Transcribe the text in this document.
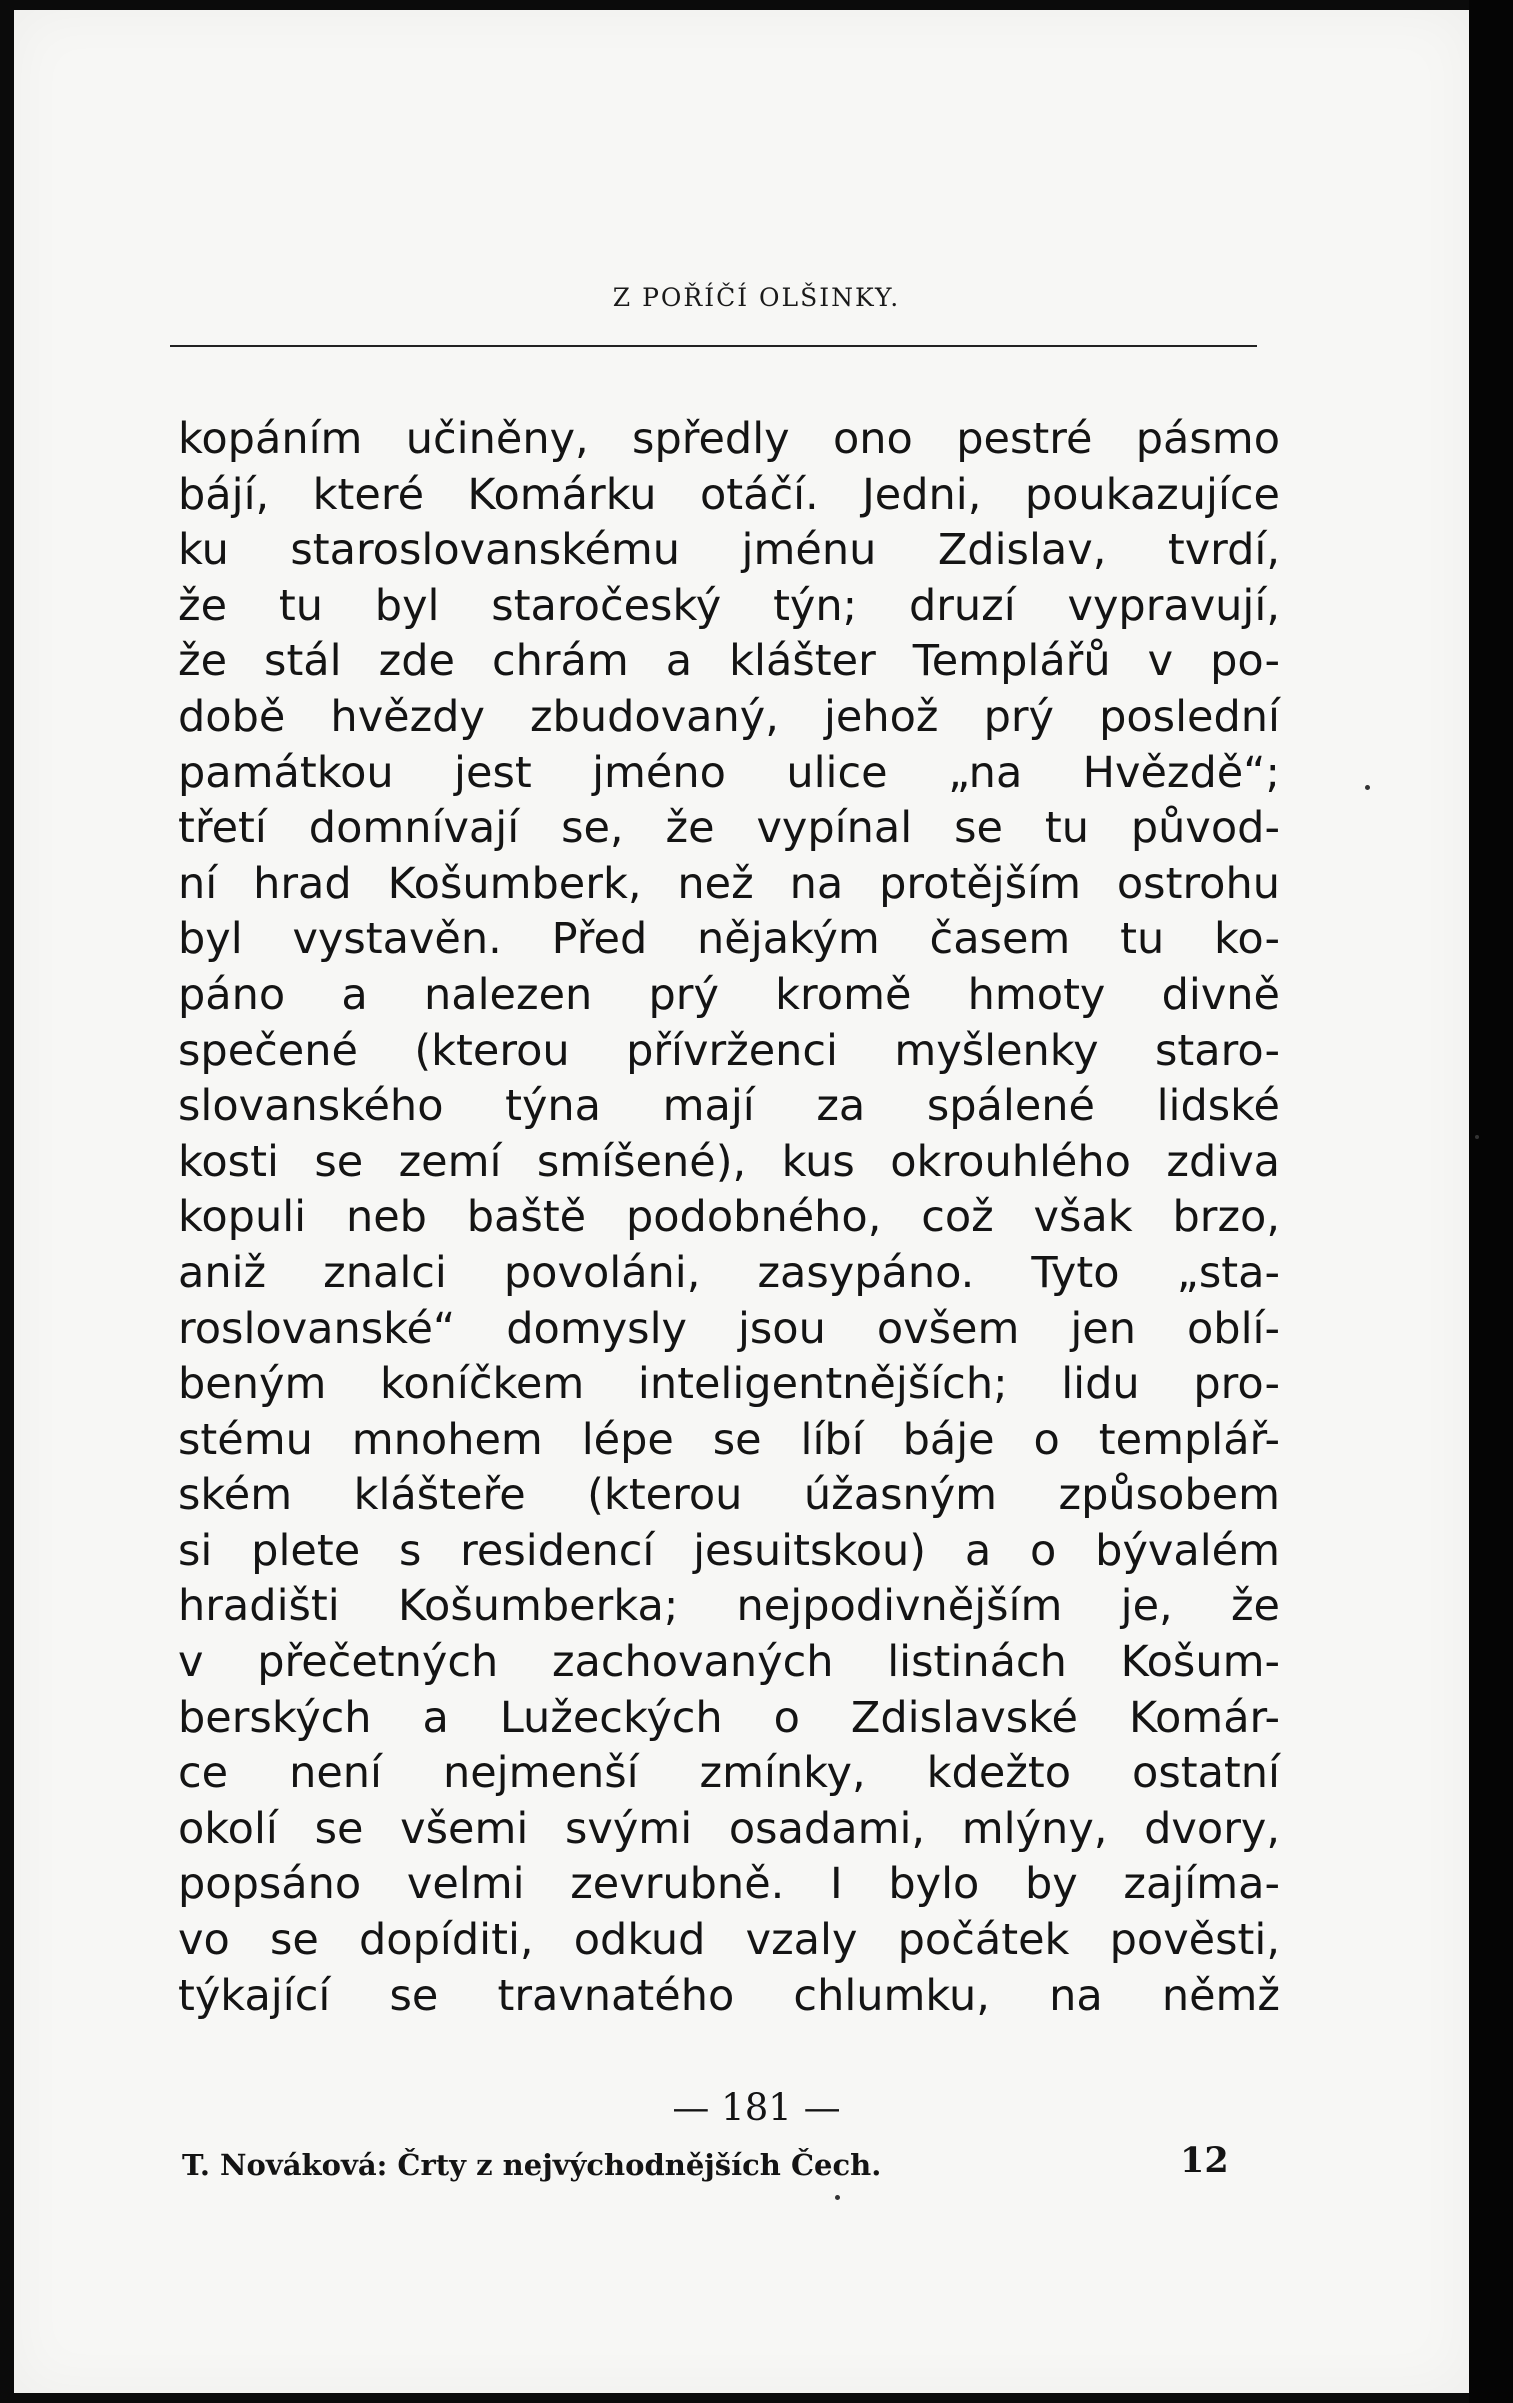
Z POŘÍČÍ OLŠINKY.
kopáním učiněny, spředly ono pestré pásmo
bájí, které Komárku otáčí. Jedni, poukazujíce
ku staroslovanskému jménu Zdislav, tvrdí,
že tu byl staročeský týn; druzí vypravují,
že stál zde chrám a klášter Templářů v po-
době hvězdy zbudovaný, jehož prý poslední
památkou jest jméno ulice „na Hvězdě“;
třetí domnívají se, že vypínal se tu původ-
ní hrad Košumberk, než na protějším ostrohu
byl vystavěn. Před nějakým časem tu ko-
páno a nalezen prý kromě hmoty divně
spečené (kterou přívrženci myšlenky staro-
slovanského týna mají za spálené lidské
kosti se zemí smíšené), kus okrouhlého zdiva
kopuli neb baště podobného, což však brzo,
aniž znalci povoláni, zasypáno. Tyto „sta-
roslovanské“ domysly jsou ovšem jen oblí-
beným koníčkem inteligentnějších; lidu pro-
stému mnohem lépe se líbí báje o templář-
ském klášteře (kterou úžasným způsobem
si plete s residencí jesuitskou) a o bývalém
hradišti Košumberka; nejpodivnějším je, že
v přečetných zachovaných listinách Košum-
berských a Lužeckých o Zdislavské Komár-
ce není nejmenší zmínky, kdežto ostatní
okolí se všemi svými osadami, mlýny, dvory,
popsáno velmi zevrubně. I bylo by zajíma-
vo se dopíditi, odkud vzaly počátek pověsti,
týkající se travnatého chlumku, na němž
— 181 —
T. Nováková: Črty z nejvýchodnějších Čech.	12
